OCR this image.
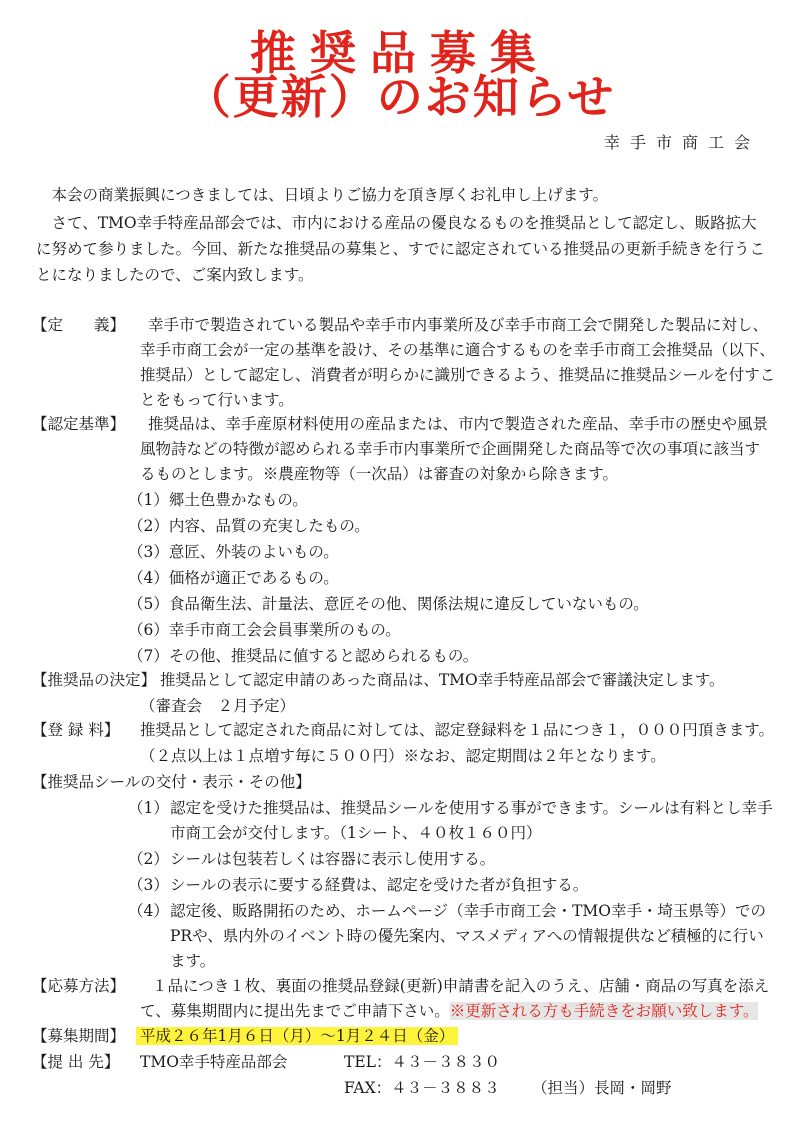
推奨品募集
（更新）のお知らせ
幸手市商工会
本会の商業振興につきましては、日頃よりご協力を頂き厚くお礼申し上げます。
さて、TMO幸手特産品部会では、市内における産品の優良なるものを推奨品として認定し、販路拡大
に努めて参りました。今回、新たな推奨品の募集と、すでに認定されている推奨品の更新手続きを行うこ
とになりましたので、ご案内致します。
【定　　義】 幸手市で製造されている製品や幸手市内事業所及び幸手市商工会で開発した製品に対し、
幸手市商工会が一定の基準を設け、その基準に適合するものを幸手市商工会推奨品（以下、
推奨品）として認定し、消費者が明らかに識別できるよう、推奨品に推奨品シールを付すこ
とをもって行います。
【認定基準】 推奨品は、幸手産原材料使用の産品または、市内で製造された産品、幸手市の歴史や風景
風物詩などの特徴が認められる幸手市内事業所で企画開発した商品等で次の事項に該当す
るものとします。※農産物等（一次品）は審査の対象から除きます。
（1）郷土色豊かなもの。
（2）内容、品質の充実したもの。
（3）意匠、外装のよいもの。
（4）価格が適正であるもの。
（5）食品衛生法、計量法、意匠その他、関係法規に違反していないもの。
（6）幸手市商工会会員事業所のもの。
（7）その他、推奨品に値すると認められるもの。
【推奨品の決定】 推奨品として認定申請のあった商品は、TMO幸手特産品部会で審議決定します。
（審査会　２月予定）
【登 録 料】 推奨品として認定された商品に対しては、認定登録料を１品につき１，０００円頂きます。
（２点以上は１点増す毎に５００円）※なお、認定期間は２年となります。
【推奨品シールの交付・表示・その他】
（1） 認定を受けた推奨品は、推奨品シールを使用する事ができます。シールは有料とし幸手
市商工会が交付します。（1シート、４０枚１６０円）
（2） シールは包装若しくは容器に表示し使用する。
（3） シールの表示に要する経費は、認定を受けた者が負担する。
（4） 認定後、販路開拓のため、ホームページ（幸手市商工会・TMO幸手・埼玉県等）での
PRや、県内外のイベント時の優先案内、マスメディアへの情報提供など積極的に行い
ます。
【応募方法】 １品につき１枚、裏面の推奨品登録(更新)申請書を記入のうえ、店舗・商品の写真を添え
て、募集期間内に提出先までご申請下さい。※更新される方も手続きをお願い致します。
【募集期間】 平成２６年1月６日（月）～1月２４日（金）
【提 出 先】 TMO幸手特産品部会	TEL：４３－３８３０
FAX：４３－３８８３ （担当）長岡・岡野
